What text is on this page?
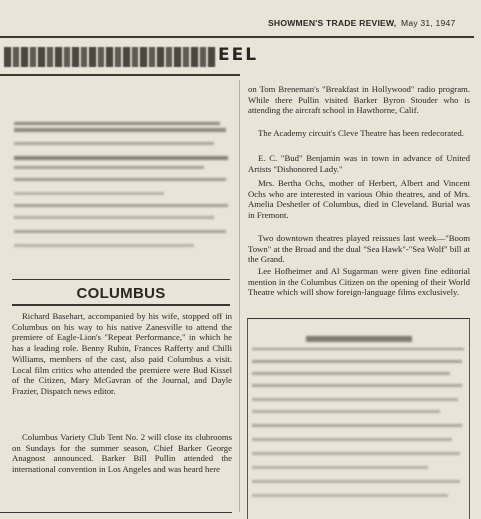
SHOWMEN'S TRADE REVIEW, May 31, 1947
EEL
COLUMBUS

Richard Basehart, accompanied by his wife, stopped off in Columbus on his way to his native Zanesville to attend the premiere of Eagle-Lion's "Repeat Performance," in which he has a leading role. Benny Rubin, Frances Rafferty and Chilli Williams, members of the cast, also paid Columbus a visit. Local film critics who attended the premiere were Bud Kissel of the Citizen, Mary McGavran of the Journal, and Dayle Frazier, Dispatch news editor.

Columbus Variety Club Tent No. 2 will close its clubrooms on Sundays for the summer season, Chief Barker George Anagnost announced. Barker Bill Pullin attended the international convention in Los Angeles and was heard here

on Tom Breneman's "Breakfast in Hollywood" radio program. While there Pullin visited Barker Byron Stouder who is attending the aircraft school in Hawthorne, Calif.

The Academy circuit's Cleve Theatre has been redecorated.

E. C. "Bud" Benjamin was in town in advance of United Artists "Dishonored Lady."

Mrs. Bertha Ochs, mother of Herbert, Albert and Vincent Ochs who are interested in various Ohio theatres, and of Mrs. Amelia Deshetler of Columbus, died in Cleveland. Burial was in Fremont.

Two downtown theatres played reissues last week—"Boom Town" at the Broad and the dual "Sea Hawk"-"Sea Wolf" bill at the Grand.

Lee Hofheimer and Al Sugarman were given fine editorial mention in the Columbus Citizen on the opening of their World Theatre which will show foreign-language films exclusively.
